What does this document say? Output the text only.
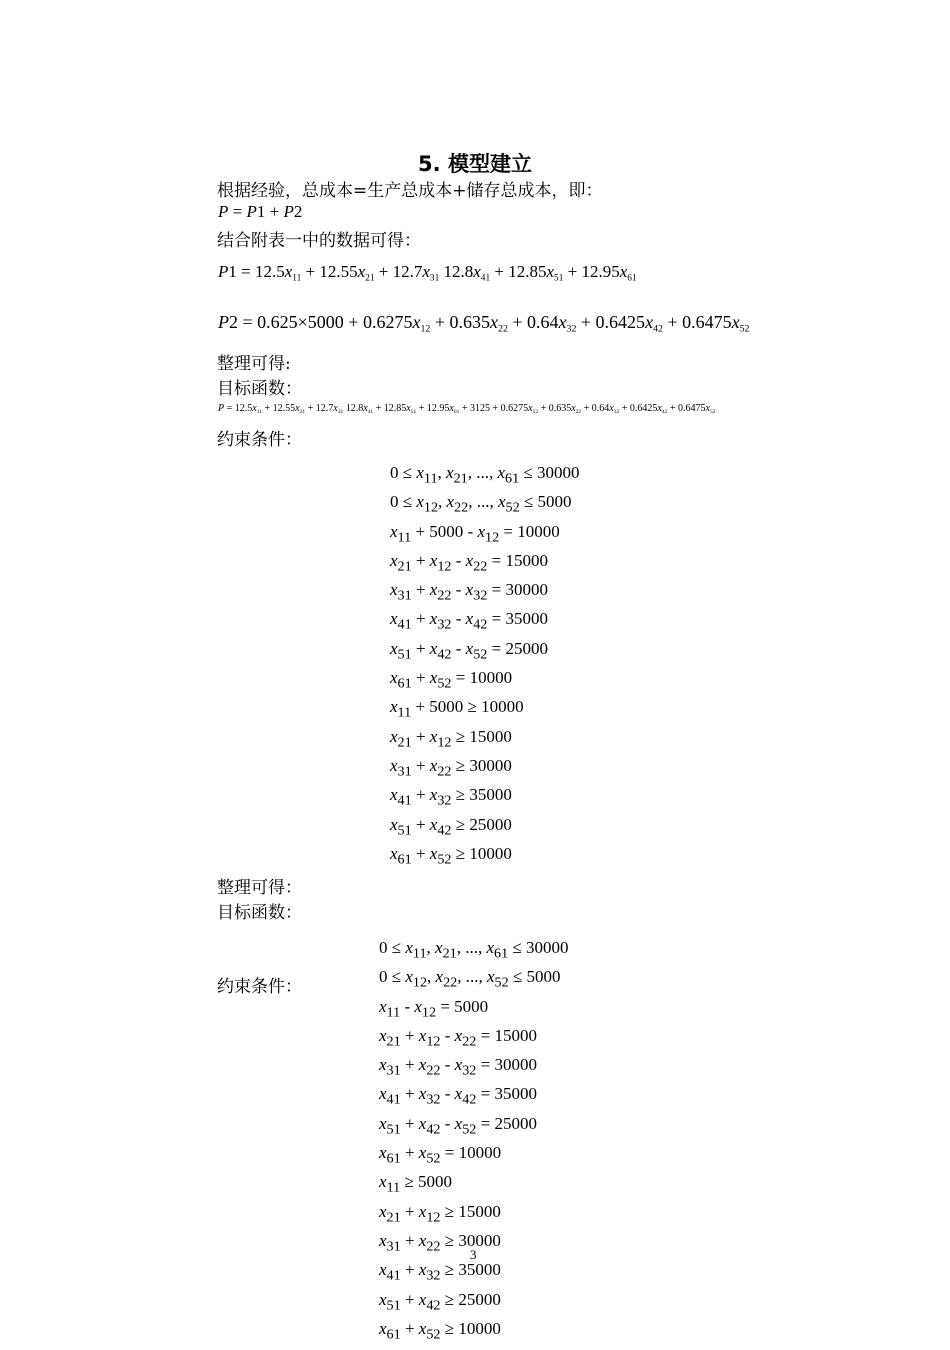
5. 模型建立
根据经验，总成本=生产总成本+储存总成本，即：
P = P1 + P2
结合附表一中的数据可得：
$P1 = 12.5x_{11} + 12.55x_{21} + 12.7x_{31}$ $12.8x_{41} + 12.85x_{51} + 12.95x_{61}$
$P2 = 0.625\times 5000 + 0.6275x_{12} + 0.635x_{22} + 0.64x_{32} + 0.6425x_{42} + 0.6475x_{52}$
整理可得:
目标函数：
$P = 12.5x_{11} + 12.55x_{21} + 12.7x_{31}$ $12.8x_{41} + 12.85x_{51} + 12.95x_{61} + 3125 + 0.6275x_{12} + 0.635x_{22} + 0.64x_{32} + 0.6425x_{42} + 0.6475x_{52}$
约束条件：
$0 \le x_{11}$, $x_{21}$, ..., $x_{61} \le 30000$
$0 \le x_{12}$, $x_{22}$, ..., $x_{52} \le 5000$
$x_{11} + 5000 - x_{12} = 10000$
$x_{21} + x_{12} - x_{22} = 15000$
$x_{31} + x_{22} - x_{32} = 30000$
$x_{41} + x_{32} - x_{42} = 35000$
$x_{51} + x_{42} - x_{52} = 25000$
$x_{61} + x_{52} = 10000$
$x_{11} + 5000 \ge 10000$
$x_{21} + x_{12} \ge 15000$
$x_{31} + x_{22} \ge 30000$
$x_{41} + x_{32} \ge 35000$
$x_{51} + x_{42} \ge 25000$
$x_{61} + x_{52} \ge 10000$
整理可得：
目标函数：
约束条件：
$0 \le x_{11}$, $x_{21}$, ..., $x_{61} \le 30000$
$0 \le x_{12}$, $x_{22}$, ..., $x_{52} \le 5000$
$x_{11} - x_{12} = 5000$
$x_{21} + x_{12} - x_{22} = 15000$
$x_{31} + x_{22} - x_{32} = 30000$
$x_{41} + x_{32} - x_{42} = 35000$
$x_{51} + x_{42} - x_{52} = 25000$
$x_{61} + x_{52} = 10000$
$x_{11} \ge 5000$
$x_{21} + x_{12} \ge 15000$
$x_{31} + x_{22} \ge 30000$
$x_{41} + x_{32} \ge 35000$
$x_{51} + x_{42} \ge 25000$
$x_{61} + x_{52} \ge 10000$
3
